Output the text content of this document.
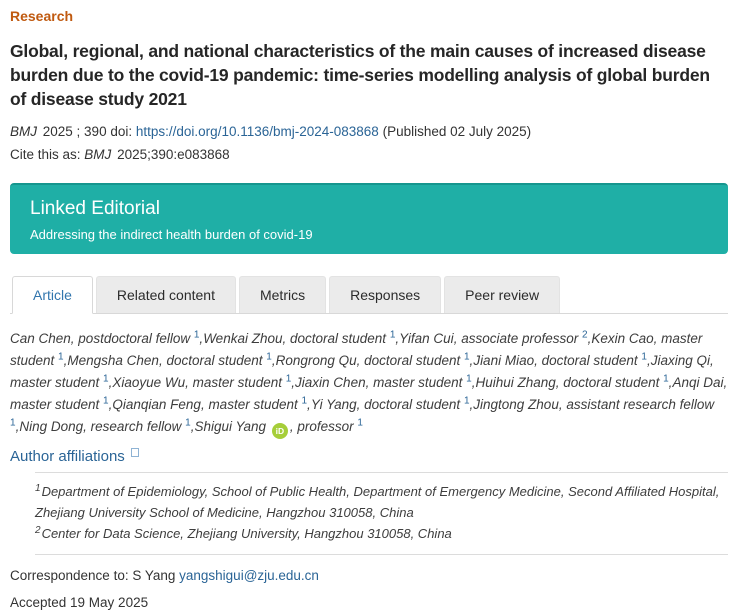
Research
Global, regional, and national characteristics of the main causes of increased disease burden due to the covid-19 pandemic: time-series modelling analysis of global burden of disease study 2021
BMJ 2025 ; 390 doi: https://doi.org/10.1136/bmj-2024-083868 (Published 02 July 2025)
Cite this as: BMJ 2025;390:e083868
Linked Editorial
Addressing the indirect health burden of covid-19
Article	Related content	Metrics	Responses	Peer review
Can Chen, postdoctoral fellow $^1$,Wenkai Zhou, doctoral student $^1$,Yifan Cui, associate professor $^2$,Kexin Cao, master student $^1$,Mengsha Chen, doctoral student $^1$,Rongrong Qu, doctoral student $^1$,Jiani Miao, doctoral student $^1$,Jiaxing Qi, master student $^1$,Xiaoyue Wu, master student $^1$,Jiaxin Chen, master student $^1$,Huihui Zhang, doctoral student $^1$,Anqi Dai, master student $^1$,Qianqian Feng, master student $^1$,Yi Yang, doctoral student $^1$,Jingtong Zhou, assistant research fellow $^1$,Ning Dong, research fellow $^1$,Shigui Yang iD , professor $^1$
Author affiliations
$^1$Department of Epidemiology, School of Public Health, Department of Emergency Medicine, Second Affiliated Hospital, Zhejiang University School of Medicine, Hangzhou 310058, China
$^2$Center for Data Science, Zhejiang University, Hangzhou 310058, China
Correspondence to: S Yang yangshigui@zju.edu.cn
Accepted 19 May 2025
